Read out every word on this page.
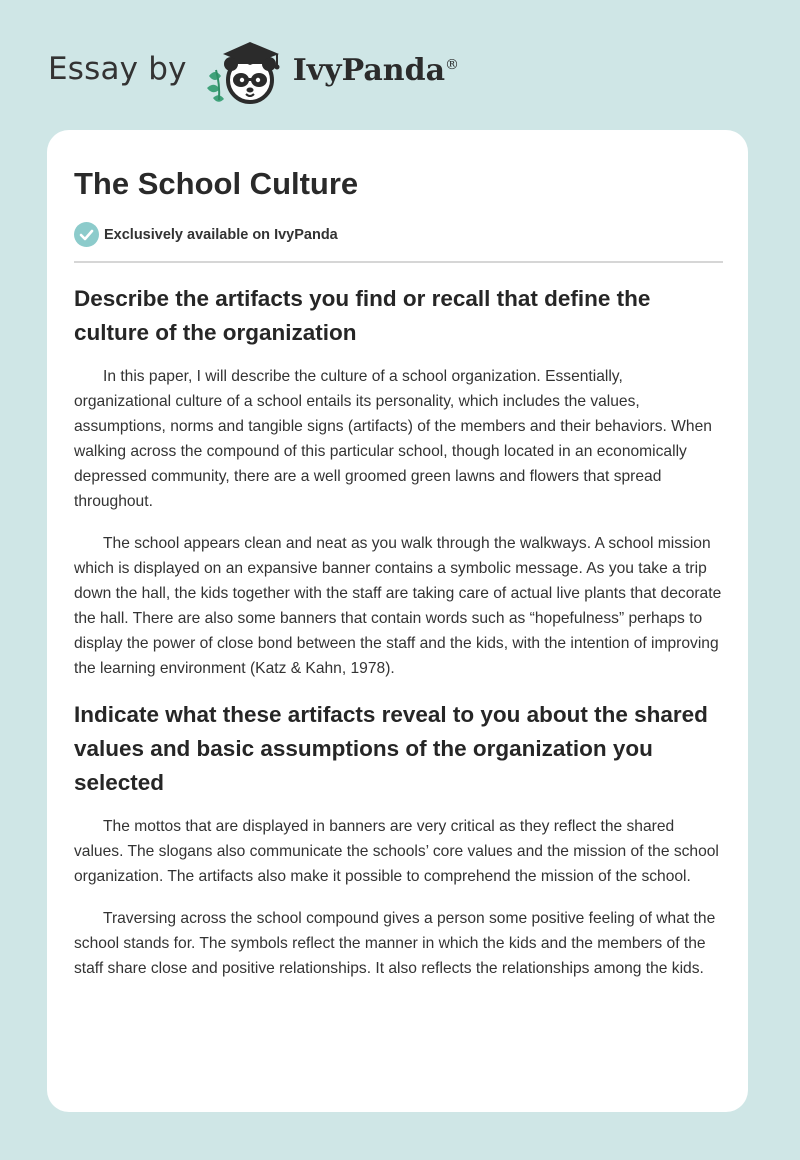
Essay by	IvyPanda®
The School Culture
Exclusively available on IvyPanda
Describe the artifacts you find or recall that define the culture of the organization

In this paper, I will describe the culture of a school organization. Essentially, organizational culture of a school entails its personality, which includes the values, assumptions, norms and tangible signs (artifacts) of the members and their behaviors. When walking across the compound of this particular school, though located in an economically depressed community, there are a well groomed green lawns and flowers that spread throughout.

The school appears clean and neat as you walk through the walkways. A school mission which is displayed on an expansive banner contains a symbolic message. As you take a trip down the hall, the kids together with the staff are taking care of actual live plants that decorate the hall. There are also some banners that contain words such as “hopefulness” perhaps to display the power of close bond between the staff and the kids, with the intention of improving the learning environment (Katz & Kahn, 1978).

Indicate what these artifacts reveal to you about the shared values and basic assumptions of the organization you selected

The mottos that are displayed in banners are very critical as they reflect the shared values. The slogans also communicate the schools’ core values and the mission of the school organization. The artifacts also make it possible to comprehend the mission of the school.

Traversing across the school compound gives a person some positive feeling of what the school stands for. The symbols reflect the manner in which the kids and the members of the staff share close and positive relationships. It also reflects the relationships among the kids.
